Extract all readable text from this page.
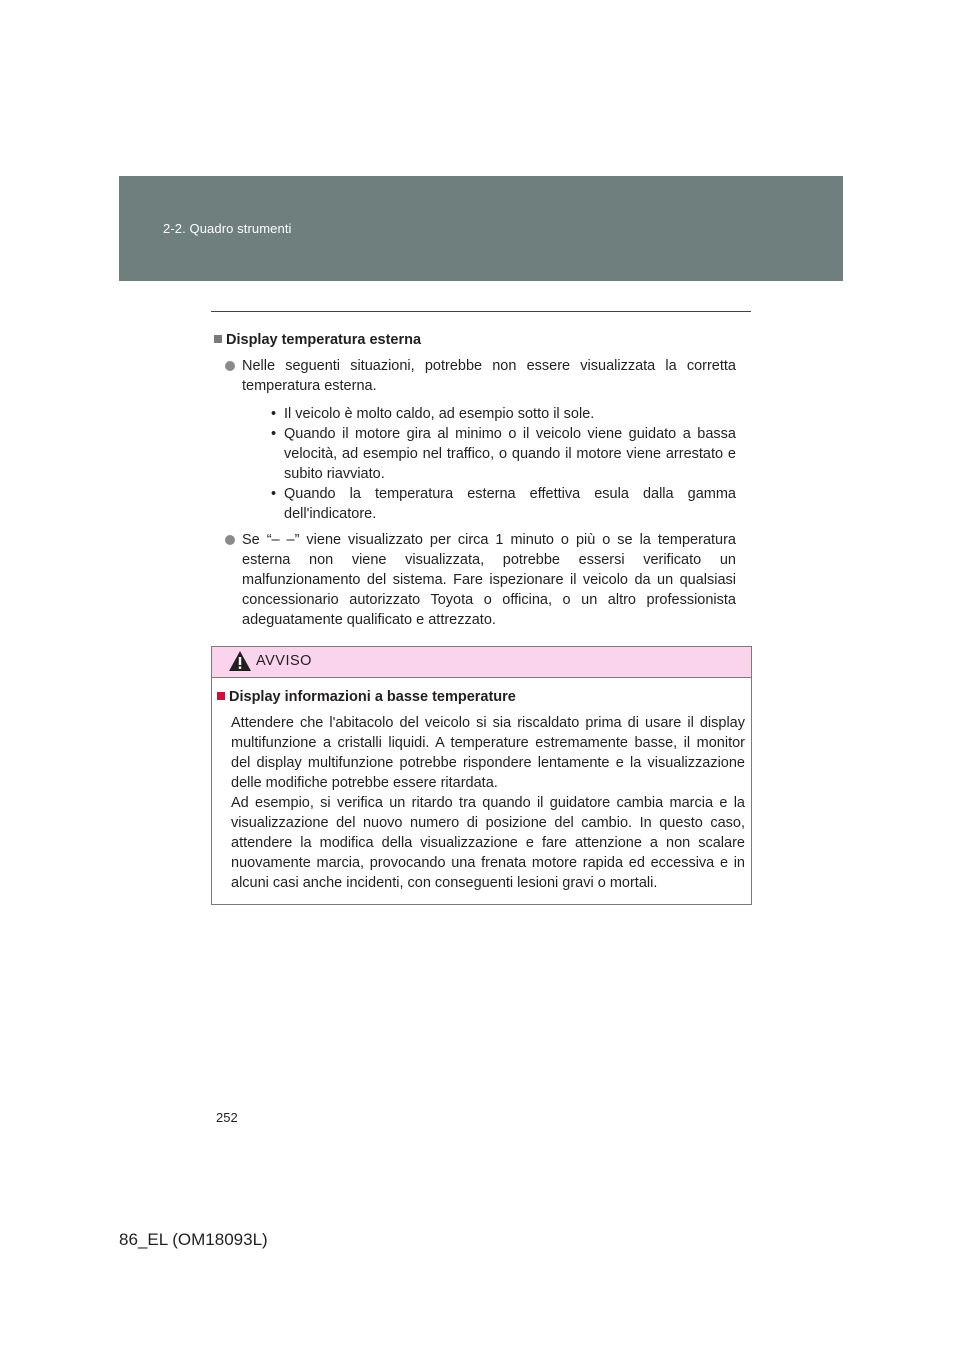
2-2. Quadro strumenti
Display temperatura esterna
Nelle seguenti situazioni, potrebbe non essere visualizzata la corretta temperatura esterna.
• Il veicolo è molto caldo, ad esempio sotto il sole.
• Quando il motore gira al minimo o il veicolo viene guidato a bassa velocità, ad esempio nel traffico, o quando il motore viene arrestato e subito riavviato.
• Quando la temperatura esterna effettiva esula dalla gamma dell'indicatore.
Se “– –” viene visualizzato per circa 1 minuto o più o se la temperatura esterna non viene visualizzata, potrebbe essersi verificato un malfunzionamento del sistema. Fare ispezionare il veicolo da un qualsiasi concessionario autorizzato Toyota o officina, o un altro professionista adeguatamente qualificato e attrezzato.
AVVISO
Display informazioni a basse temperature
Attendere che l'abitacolo del veicolo si sia riscaldato prima di usare il display multifunzione a cristalli liquidi. A temperature estremamente basse, il monitor del display multifunzione potrebbe rispondere lentamente e la visualizzazione delle modifiche potrebbe essere ritardata.
Ad esempio, si verifica un ritardo tra quando il guidatore cambia marcia e la visualizzazione del nuovo numero di posizione del cambio. In questo caso, attendere la modifica della visualizzazione e fare attenzione a non scalare nuovamente marcia, provocando una frenata motore rapida ed eccessiva e in alcuni casi anche incidenti, con conseguenti lesioni gravi o mortali.
252
86_EL (OM18093L)
